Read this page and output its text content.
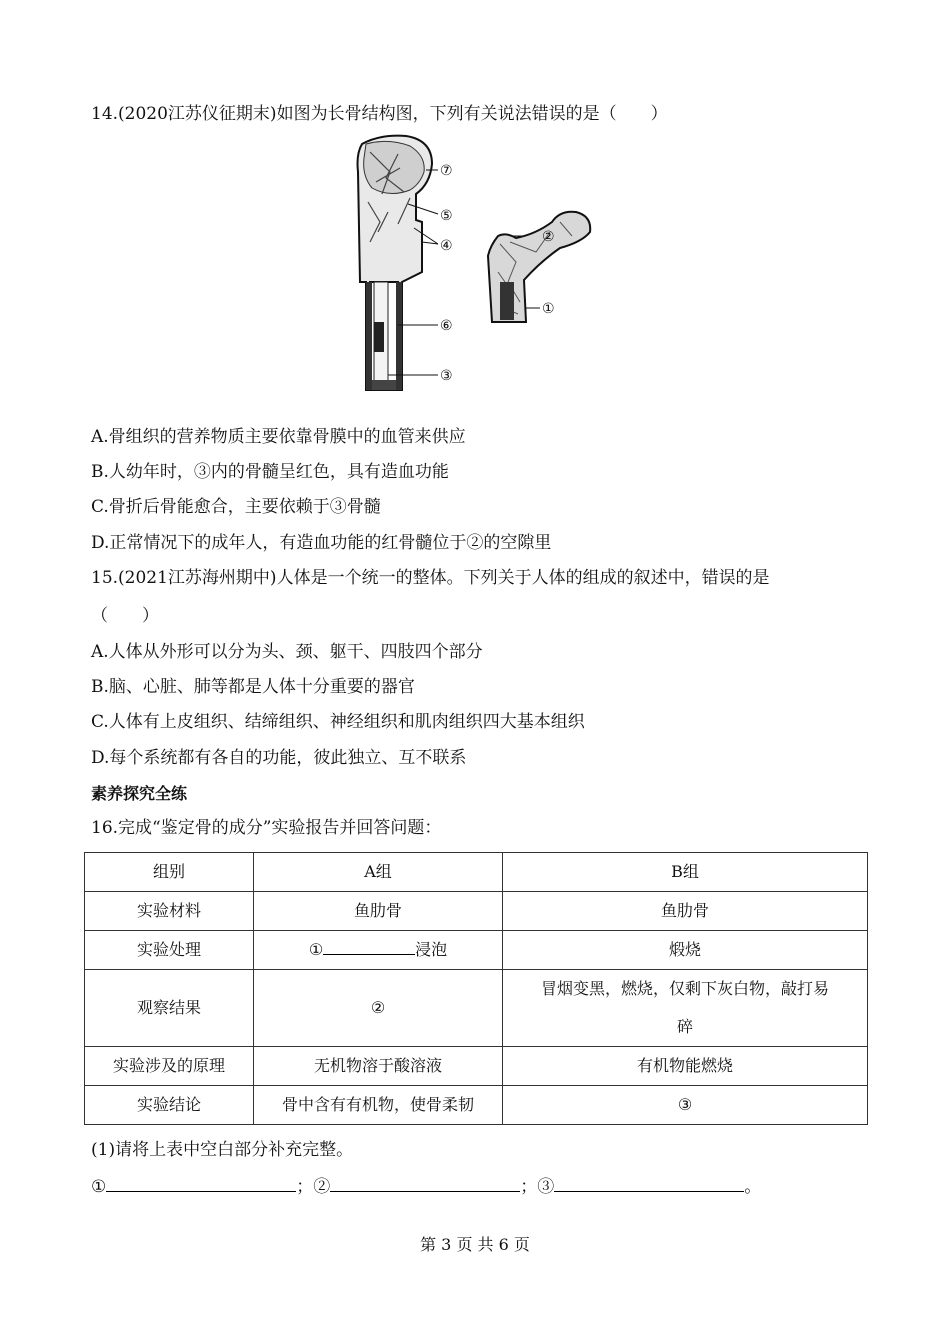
14.(2020江苏仪征期末)如图为长骨结构图，下列有关说法错误的是（　　）
⑦
⑤
④
⑥
③
②
①
A.骨组织的营养物质主要依靠骨膜中的血管来供应
B.人幼年时，③内的骨髓呈红色，具有造血功能
C.骨折后骨能愈合，主要依赖于③骨髓
D.正常情况下的成年人，有造血功能的红骨髓位于②的空隙里
15.(2021江苏海州期中)人体是一个统一的整体。下列关于人体的组成的叙述中，错误的是
（　　）
A.人体从外形可以分为头、颈、躯干、四肢四个部分
B.脑、心脏、肺等都是人体十分重要的器官
C.人体有上皮组织、结缔组织、神经组织和肌肉组织四大基本组织
D.每个系统都有各自的功能，彼此独立、互不联系
素养探究全练
16.完成“鉴定骨的成分”实验报告并回答问题：
组别	A组	B组
实验材料	鱼肋骨	鱼肋骨
实验处理	① 浸泡	煅烧
观察结果	②	冒烟变黑，燃烧，仅剩下灰白物，敲打易
碎

实验涉及的原理	无机物溶于酸溶液	有机物能燃烧
实验结论	骨中含有有机物，使骨柔韧	③
(1)请将上表中空白部分补充完整。
①	；②	；③	。
第 3 页 共 6 页
